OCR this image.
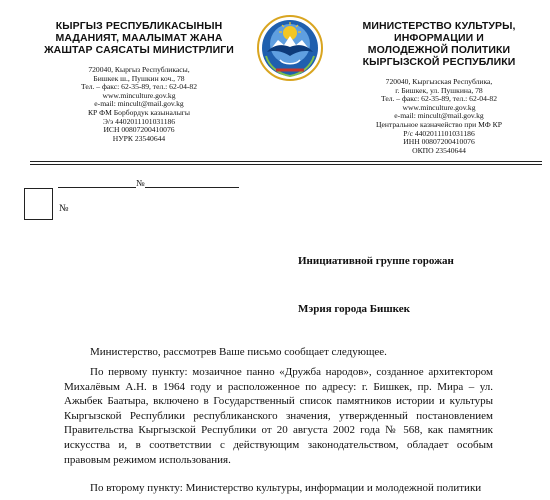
КЫРГЫЗ РЕСПУБЛИКАСЫНЫН
МАДАНИЯТ, МААЛЫМАТ ЖАНА
ЖАШТАР САЯСАТЫ МИНИСТРЛИГИ
720040, Кыргыз Республикасы,
Бишкек ш., Пушкин коч., 78
Тел. – факс: 62-35-89, тел.: 62-04-82
www.minculture.gov.kg
e-mail: mincult@mail.gov.kg
КР ФМ Борбордук казыналыгы
Э/э 4402011101031186
ИСН 00807200410076
НУРК 23540644
МИНИСТЕРСТВО КУЛЬТУРЫ,
ИНФОРМАЦИИ И
МОЛОДЕЖНОЙ ПОЛИТИКИ
КЫРГЫЗСКОЙ РЕСПУБЛИКИ
720040, Кыргызская Республика,
г. Бишкек, ул. Пушкина, 78
Тел. – факс: 62-35-89, тел.: 62-04-82
www.minculture.gov.kg
e-mail: mincult@mail.gov.kg
Центральное казначейство при МФ КР
Р/с 4402011101031186
ИНН 00807200410076
ОКПО 23540644
№
№
Инициативной группе горожан
Мэрия города Бишкек
Министерство, рассмотрев Ваше письмо сообщает следующее.
По первому пункту: мозаичное панно «Дружба народов», созданное архитектором Михалёвым А.Н. в 1964 году и расположенное по адресу: г. Бишкек, пр. Мира – ул. Ажыбек Баатыра, включено в Государственный список памятников истории и культуры Кыргызской Республики республиканского значения, утвержденный постановлением Правительства Кыргызской Республики от 20 августа 2002 года № 568, как памятник искусства и, в соответствии с действующим законодательством, обладает особым правовым режимом использования.
По второму пункту: Министерство культуры, информации и молодежной политики
